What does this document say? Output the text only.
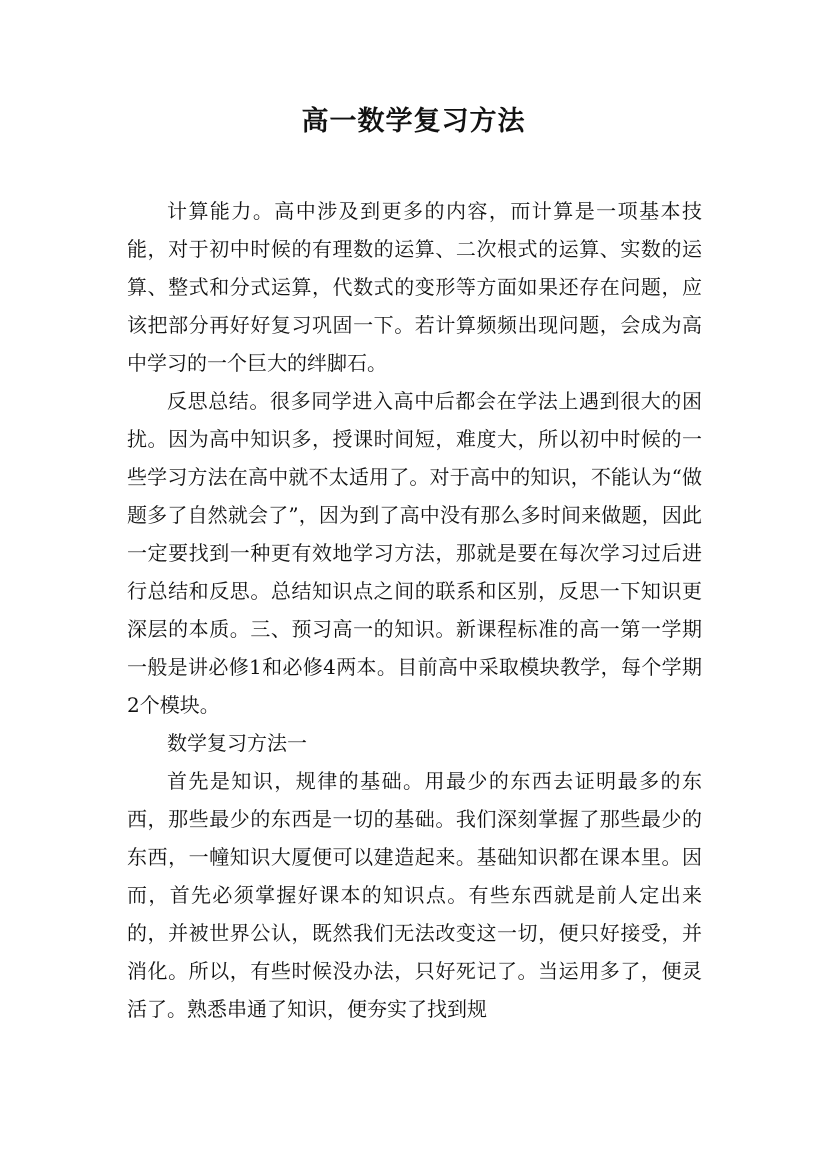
高一数学复习方法

计算能力。高中涉及到更多的内容，而计算是一项基本技能，对于初中时候的有理数的运算、二次根式的运算、实数的运算、整式和分式运算，代数式的变形等方面如果还存在问题，应该把部分再好好复习巩固一下。若计算频频出现问题，会成为高中学习的一个巨大的绊脚石。

反思总结。很多同学进入高中后都会在学法上遇到很大的困扰。因为高中知识多，授课时间短，难度大，所以初中时候的一些学习方法在高中就不太适用了。对于高中的知识，不能认为“做题多了自然就会了”，因为到了高中没有那么多时间来做题，因此一定要找到一种更有效地学习方法，那就是要在每次学习过后进行总结和反思。总结知识点之间的联系和区别，反思一下知识更深层的本质。三、预习高一的知识。新课程标准的高一第一学期一般是讲必修1和必修4两本。目前高中采取模块教学，每个学期2个模块。

数学复习方法一

首先是知识，规律的基础。用最少的东西去证明最多的东西，那些最少的东西是一切的基础。我们深刻掌握了那些最少的东西，一幢知识大厦便可以建造起来。基础知识都在课本里。因而，首先必须掌握好课本的知识点。有些东西就是前人定出来的，并被世界公认，既然我们无法改变这一切，便只好接受，并消化。所以，有些时候没办法，只好死记了。当运用多了，便灵活了。熟悉串通了知识，便夯实了找到规
